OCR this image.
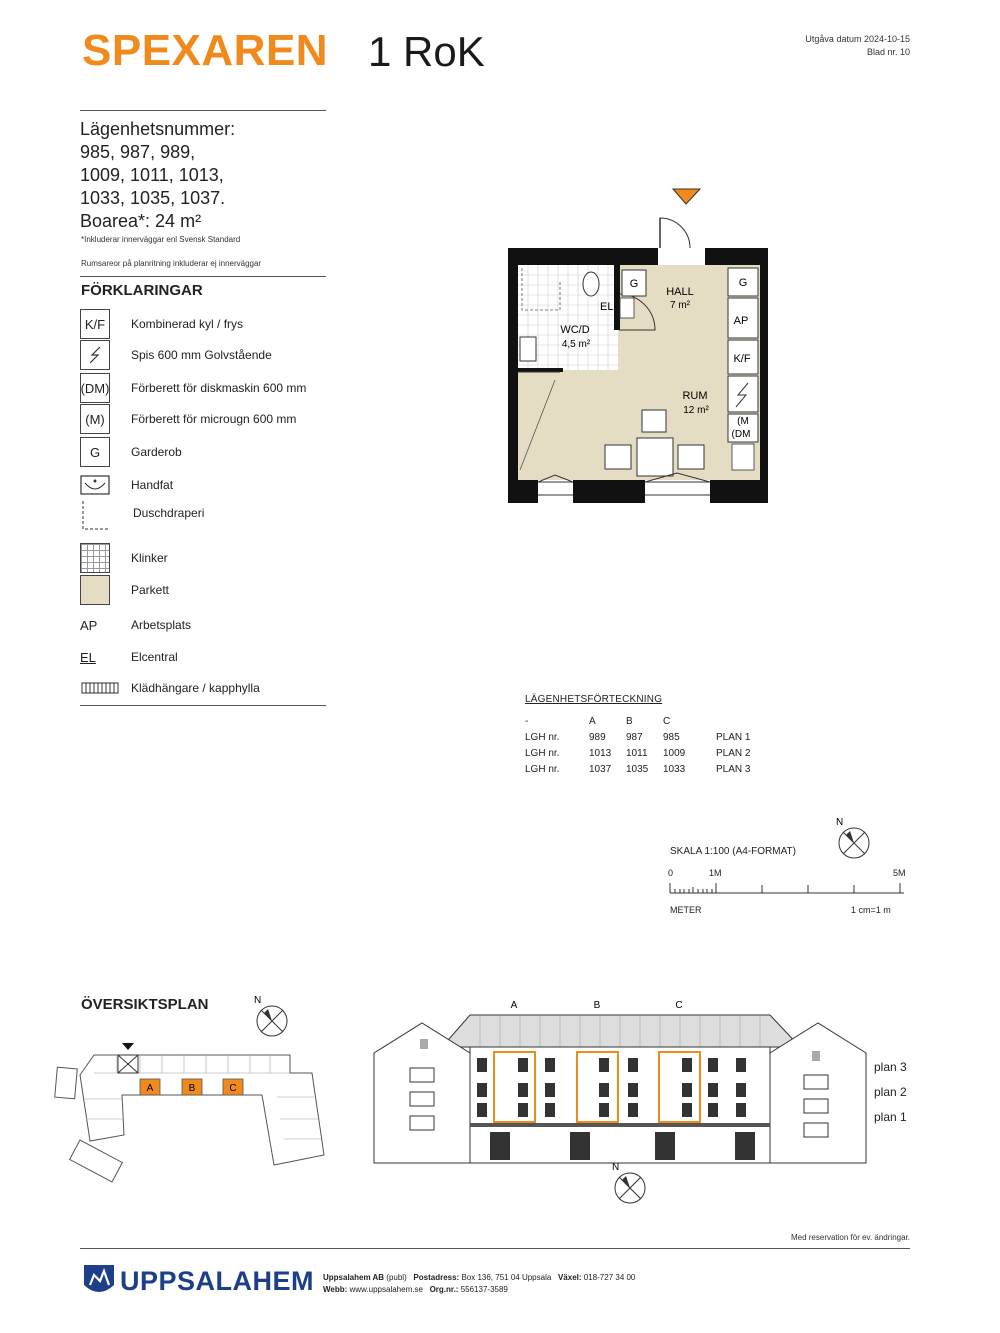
SPEXAREN 1 RoK	Utgåva datum 2024-10-15
Blad nr. 10
Lägenhetsnummer:
985, 987, 989,
1009, 1011, 1013,
1033, 1035, 1037.
Boarea*: 24 m²
*Inkluderar innerväggar enl Svensk Standard
Rumsareor på planritning inkluderar ej innerväggar
FÖRKLARINGAR
K/F	Kombinerad kyl / frys
Spis 600 mm Golvstående
(DM) Förberett för diskmaskin 600 mm
(M)	Förberett för microugn 600 mm
G	Garderob
Handfat
Duschdraperi
Klinker
Parkett
AP	Arbetsplats
EL	Elcentral
Klädhängare / kapphylla
G
EL
G
AP
K/F
(M
(DM
HALL
7 m²
WC/D
4,5 m²
RUM
12 m²
LÄGENHETSFÖRTECKNING
-	A	B	C	
LGH nr.	989	987	985	PLAN 1
LGH nr.	1013	1011	1009	PLAN 2
LGH nr.	1037	1035	1033	PLAN 3
N
SKALA 1:100 (A4-FORMAT)
0	1M	5M
METER	1 cm=1 m
ÖVERSIKTSPLAN	N
A	B	C
A	B	C
plan 3
plan 2
plan 1
N
Med reservation för ev. ändringar.
UPPSALAHEM Uppsalahem AB (publ) Postadress: Box 136, 751 04 Uppsala Växel: 018-727 34 00
Webb: www.uppsalahem.se Org.nr.: 556137-3589
